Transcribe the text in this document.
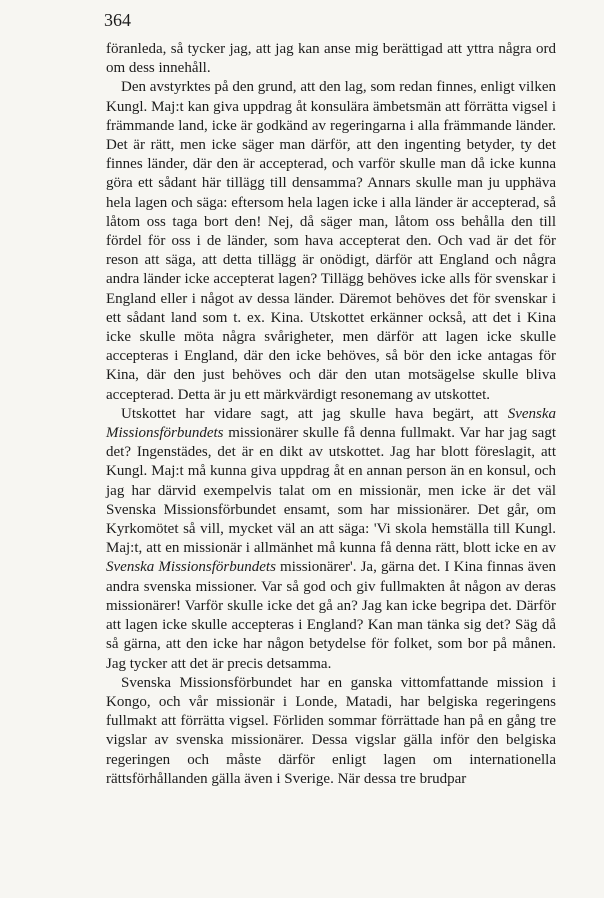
364

föranleda, så tycker jag, att jag kan anse mig berättigad att yttra några ord om dess innehåll.

Den avstyrktes på den grund, att den lag, som redan finnes, enligt vilken Kungl. Maj:t kan giva uppdrag åt konsulära ämbetsmän att förrätta vigsel i främmande land, icke är godkänd av regeringarna i alla främmande länder. Det är rätt, men icke säger man därför, att den ingenting betyder, ty det finnes länder, där den är accepterad, och varför skulle man då icke kunna göra ett sådant här tillägg till densamma? Annars skulle man ju upphäva hela lagen och säga: eftersom hela lagen icke i alla länder är accepterad, så låtom oss taga bort den! Nej, då säger man, låtom oss behålla den till fördel för oss i de länder, som hava accepterat den. Och vad är det för reson att säga, att detta tillägg är onödigt, därför att England och några andra länder icke accepterat lagen? Tillägg behöves icke alls för svenskar i England eller i något av dessa länder. Däremot behöves det för svenskar i ett sådant land som t. ex. Kina. Utskottet erkänner också, att det i Kina icke skulle möta några svårigheter, men därför att lagen icke skulle accepteras i England, där den icke behöves, så bör den icke antagas för Kina, där den just behöves och där den utan motsägelse skulle bliva accepterad. Detta är ju ett märkvärdigt resonemang av utskottet.

Utskottet har vidare sagt, att jag skulle hava begärt, att Svenska Missionsförbundets missionärer skulle få denna fullmakt. Var har jag sagt det? Ingenstädes, det är en dikt av utskottet. Jag har blott föreslagit, att Kungl. Maj:t må kunna giva uppdrag åt en annan person än en konsul, och jag har därvid exempelvis talat om en missionär, men icke är det väl Svenska Missionsförbundet ensamt, som har missionärer. Det går, om Kyrkomötet så vill, mycket väl an att säga: 'Vi skola hemställa till Kungl. Maj:t, att en missionär i allmänhet må kunna få denna rätt, blott icke en av Svenska Missionsförbundets missionärer'. Ja, gärna det. I Kina finnas även andra svenska missioner. Var så god och giv fullmakten åt någon av deras missionärer! Varför skulle icke det gå an? Jag kan icke begripa det. Därför att lagen icke skulle accepteras i England? Kan man tänka sig det? Säg då så gärna, att den icke har någon betydelse för folket, som bor på månen. Jag tycker att det är precis detsamma.

Svenska Missionsförbundet har en ganska vittomfattande mission i Kongo, och vår missionär i Londe, Matadi, har belgiska regeringens fullmakt att förrätta vigsel. Förliden sommar förrättade han på en gång tre vigslar av svenska missionärer. Dessa vigslar gälla inför den belgiska regeringen och måste därför enligt lagen om internationella rättsförhållanden gälla även i Sverige. När dessa tre brudpar
